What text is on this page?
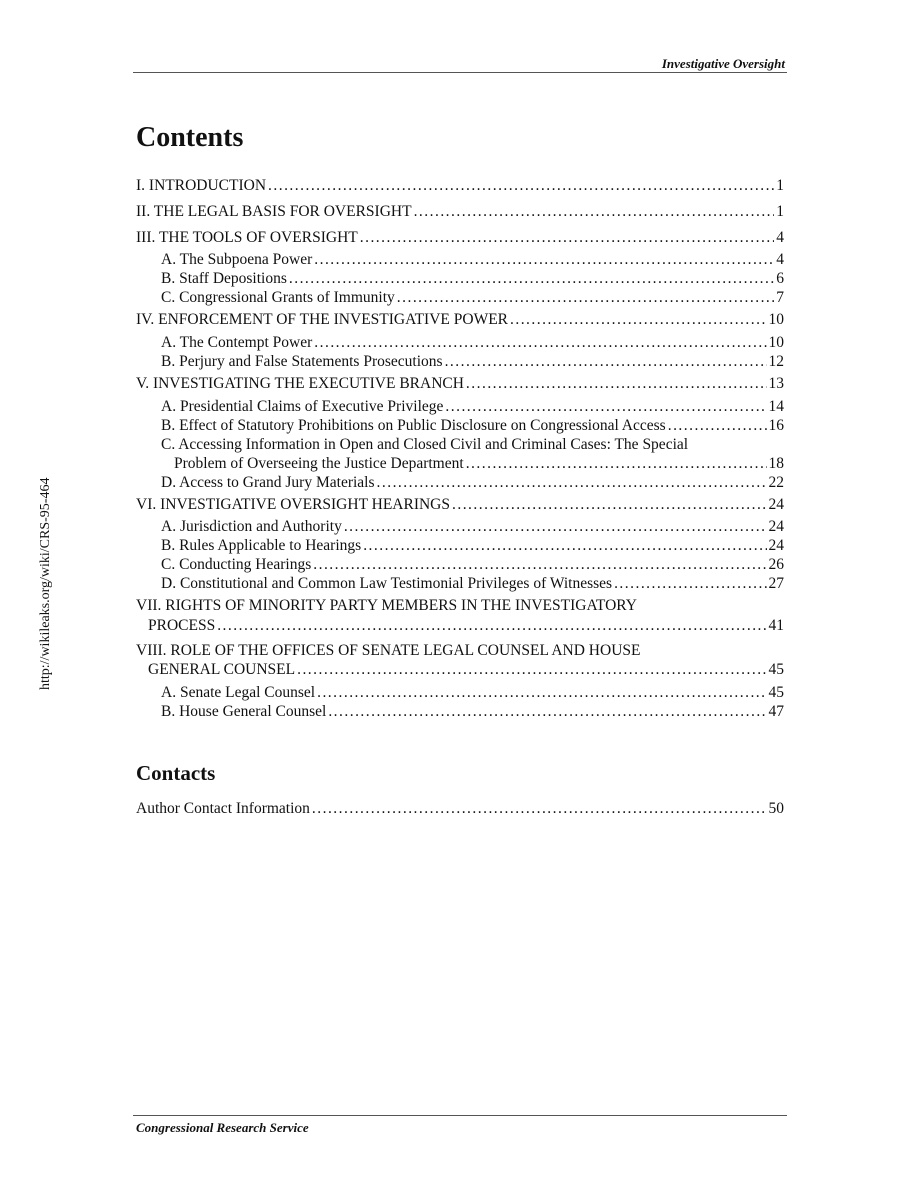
Investigative Oversight
http://wikileaks.org/wiki/CRS-95-464
Contents
I. INTRODUCTION . . .	1
II. THE LEGAL BASIS FOR OVERSIGHT . . .	1
III. THE TOOLS OF OVERSIGHT . . .	4
A. The Subpoena Power . . .	4
B. Staff Depositions . . .	6
C. Congressional Grants of Immunity . . .	7
IV. ENFORCEMENT OF THE INVESTIGATIVE POWER . . .	10
A. The Contempt Power . . .	10
B. Perjury and False Statements Prosecutions . . .	12
V. INVESTIGATING THE EXECUTIVE BRANCH . . .	13
A. Presidential Claims of Executive Privilege . . .	14
B. Effect of Statutory Prohibitions on Public Disclosure on Congressional Access . . .	16
C. Accessing Information in Open and Closed Civil and Criminal Cases: The Special
Problem of Overseeing the Justice Department . . .	18
D. Access to Grand Jury Materials . . .	22
VI. INVESTIGATIVE OVERSIGHT HEARINGS . . .	24
A. Jurisdiction and Authority . . .	24
B. Rules Applicable to Hearings . . .	24
C. Conducting Hearings . . .	26
D. Constitutional and Common Law Testimonial Privileges of Witnesses . . .	27
VII. RIGHTS OF MINORITY PARTY MEMBERS IN THE INVESTIGATORY
PROCESS . . .	41
VIII. ROLE OF THE OFFICES OF SENATE LEGAL COUNSEL AND HOUSE
GENERAL COUNSEL . . .	45
A. Senate Legal Counsel . . .	45
B. House General Counsel . . .	47
Contacts
Author Contact Information . . .	50
Congressional Research Service
